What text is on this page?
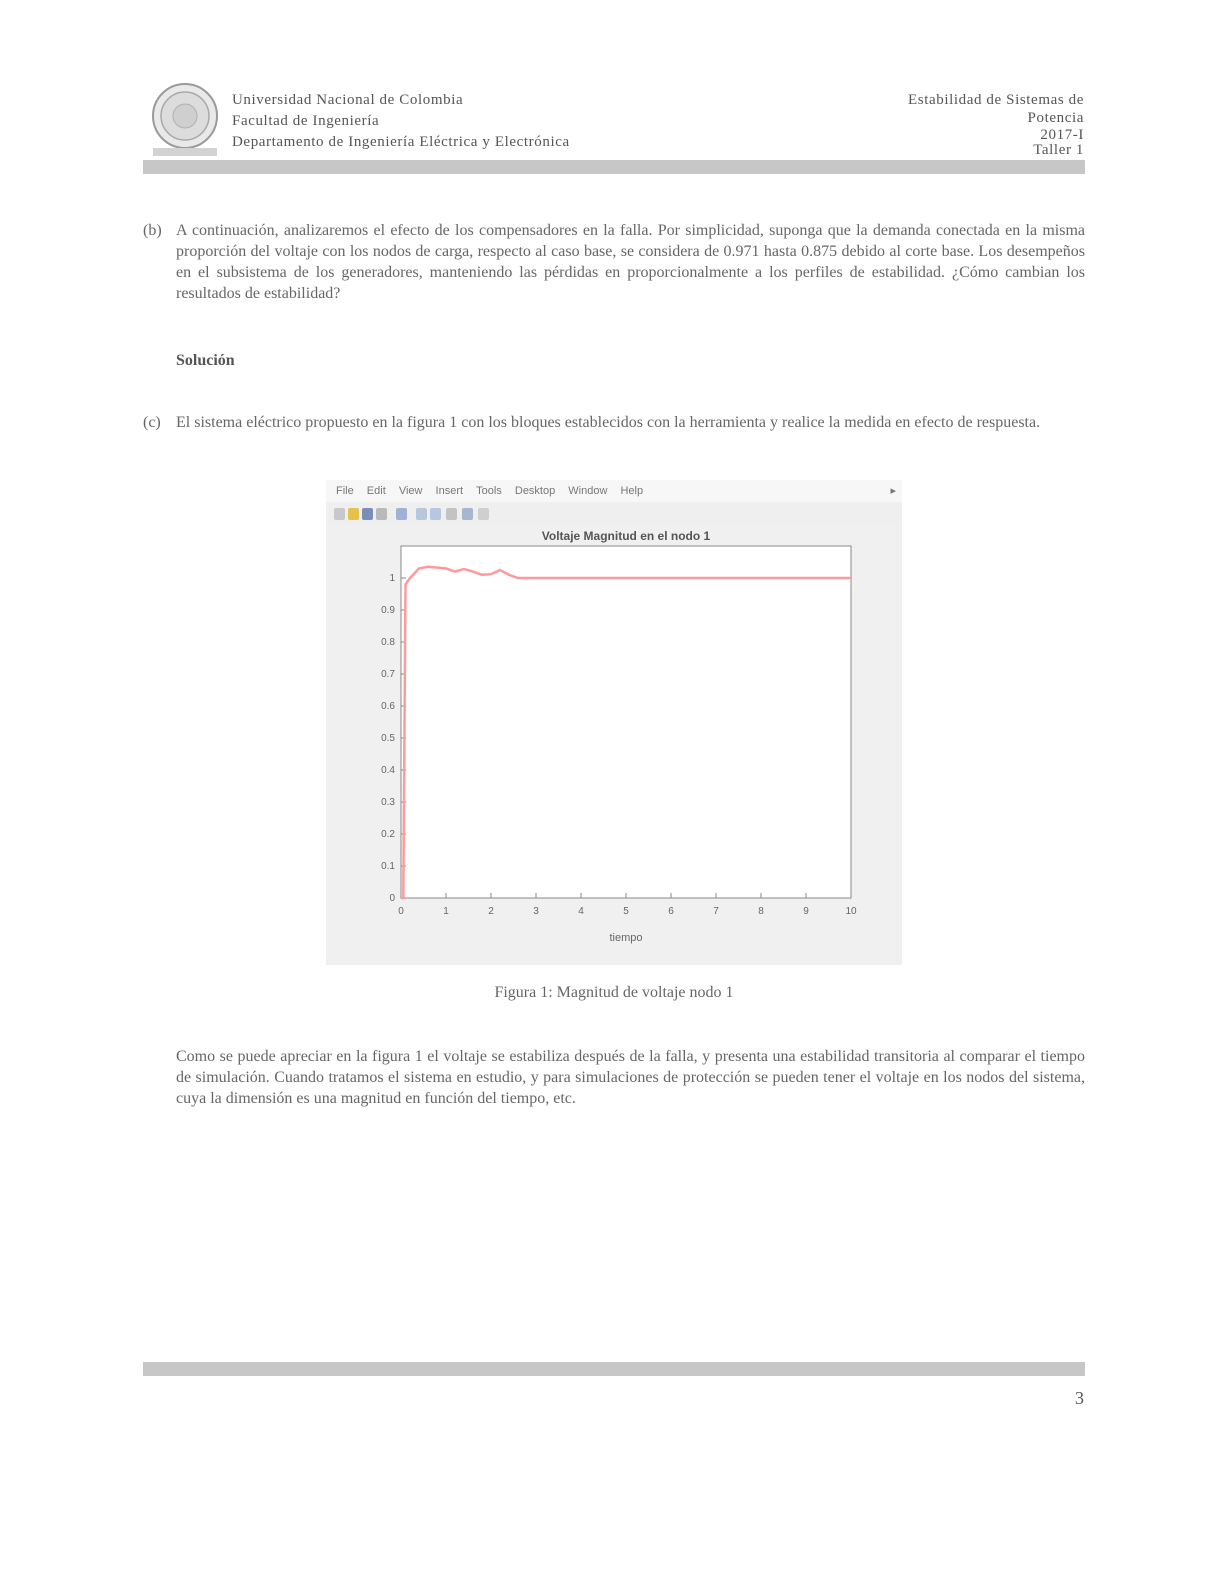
Universidad Nacional de Colombia
Facultad de Ingeniería
Departamento de Ingeniería Eléctrica y Electrónica
Estabilidad de Sistemas de
Potencia
2017-I
Taller 1
(b) A continuación, analizaremos el efecto de los compensadores en la falla. Por simplicidad, suponga que la demanda conectada en la misma proporción del voltaje con los nodos de carga, respecto al caso base, se considera de 0.971 hasta 0.875 debido al corte base. Los desempeños en el subsistema de los generadores, manteniendo las pérdidas en proporcionalmente a los perfiles de estabilidad. ¿Cómo cambian los resultados de estabilidad?
Solución
(c) El sistema eléctrico propuesto en la figura 1 con los bloques establecidos con la herramienta y realice la medida en efecto de respuesta.
File Edit View Insert Tools Desktop Window Help	▸
Voltaje Magnitud en el nodo 1
0	1	2	3	4	5	6	7	8	9	10
0
0.1
0.2
0.3
0.4
0.5
0.6
0.7
0.8
0.9
1
tiempo
Figura 1: Magnitud de voltaje nodo 1
Como se puede apreciar en la figura 1 el voltaje se estabiliza después de la falla, y presenta una estabilidad transitoria al comparar el tiempo de simulación. Cuando tratamos el sistema en estudio, y para simulaciones de protección se pueden tener el voltaje en los nodos del sistema, cuya la dimensión es una magnitud en función del tiempo, etc.
3
